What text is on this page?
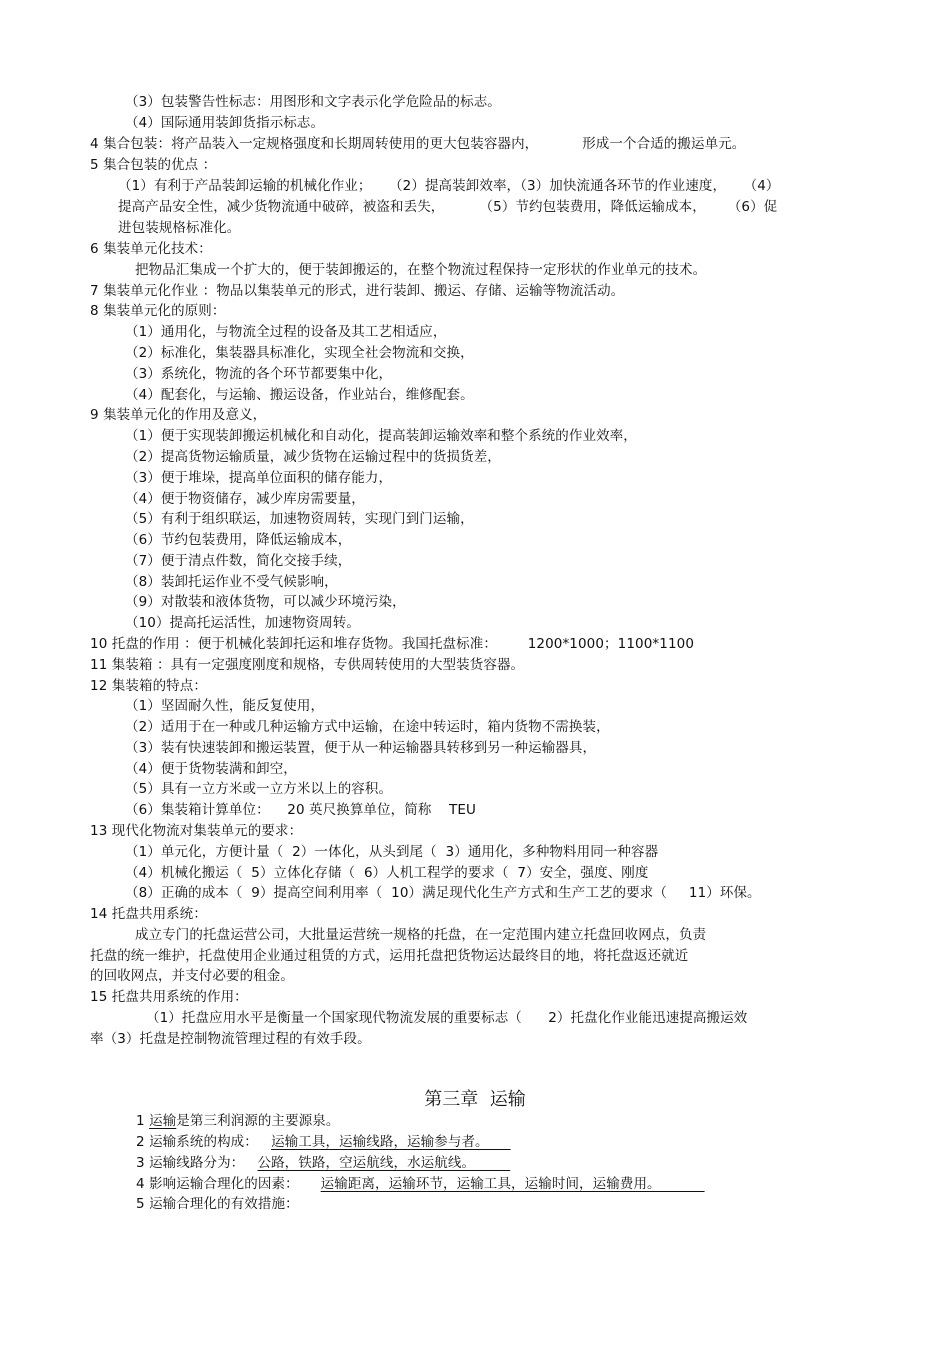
（3）包装警告性标志：用图形和文字表示化学危险品的标志。
（4）国际通用装卸货指示标志。
4 集合包装：将产品装入一定规格强度和长期周转使用的更大包装容器内，          形成一个合适的搬运单元。
5 集合包装的优点 ：
（1）有利于产品装卸运输的机械化作业；    （2）提高装卸效率，（3）加快流通各环节的作业速度，    （4）
提高产品安全性，减少货物流通中破碎，被盗和丢失，        （5）节约包装费用，降低运输成本，     （6）促
进包装规格标准化。
6 集装单元化技术：
把物品汇集成一个扩大的，便于装卸搬运的，在整个物流过程保持一定形状的作业单元的技术。
7 集装单元化作业 ：物品以集装单元的形式，进行装卸、搬运、存储、运输等物流活动。
8 集装单元化的原则：
（1）通用化，与物流全过程的设备及其工艺相适应，
（2）标准化，集装器具标准化，实现全社会物流和交换，
（3）系统化，物流的各个环节都要集中化，
（4）配套化，与运输、搬运设备，作业站台，维修配套。
9 集装单元化的作用及意义，
（1）便于实现装卸搬运机械化和自动化，提高装卸运输效率和整个系统的作业效率，
（2）提高货物运输质量，减少货物在运输过程中的货损货差，
（3）便于堆垛，提高单位面积的储存能力，
（4）便于物资储存，减少库房需要量，
（5）有利于组织联运，加速物资周转，实现门到门运输，
（6）节约包装费用，降低运输成本，
（7）便于清点件数，简化交接手续，
（8）装卸托运作业不受气候影响，
（9）对散装和液体货物，可以减少环境污染，
（10）提高托运活性，加速物资周转。
10 托盘的作用 ：便于机械化装卸托运和堆存货物。我国托盘标准：       1200*1000；1100*1100
11 集装箱 ：具有一定强度刚度和规格，专供周转使用的大型装货容器。
12 集装箱的特点：
（1）坚固耐久性，能反复使用，
（2）适用于在一种或几种运输方式中运输，在途中转运时，箱内货物不需换装，
（3）装有快速装卸和搬运装置，便于从一种运输器具转移到另一种运输器具，
（4）便于货物装满和卸空，
（5）具有一立方米或一立方米以上的容积。
（6）集装箱计算单位：    20 英尺换算单位，简称    TEU
13 现代化物流对集装单元的要求：
（1）单元化，方便计量（  2）一体化，从头到尾（  3）通用化，多种物料用同一种容器
（4）机械化搬运（  5）立体化存储（  6）人机工程学的要求（  7）安全，强度、刚度
（8）正确的成本（  9）提高空间利用率（  10）满足现代化生产方式和生产工艺的要求（     11）环保。
14 托盘共用系统：
成立专门的托盘运营公司，大批量运营统一规格的托盘，在一定范围内建立托盘回收网点，负责
托盘的统一维护，托盘使用企业通过租赁的方式，运用托盘把货物运达最终目的地，将托盘返还就近
的回收网点，并支付必要的租金。
15 托盘共用系统的作用：
（1）托盘应用水平是衡量一个国家现代物流发展的重要标志（      2）托盘化作业能迅速提高搬运效
率（3）托盘是控制物流管理过程的有效手段。
第三章  运输
1 运输是第三利润源的主要源泉。
2 运输系统的构成：   运输工具，运输线路，运输参与者。
3 运输线路分为：   公路，铁路，空运航线，水运航线。
4 影响运输合理化的因素：     运输距离，运输环节，运输工具，运输时间，运输费用。
5 运输合理化的有效措施：
